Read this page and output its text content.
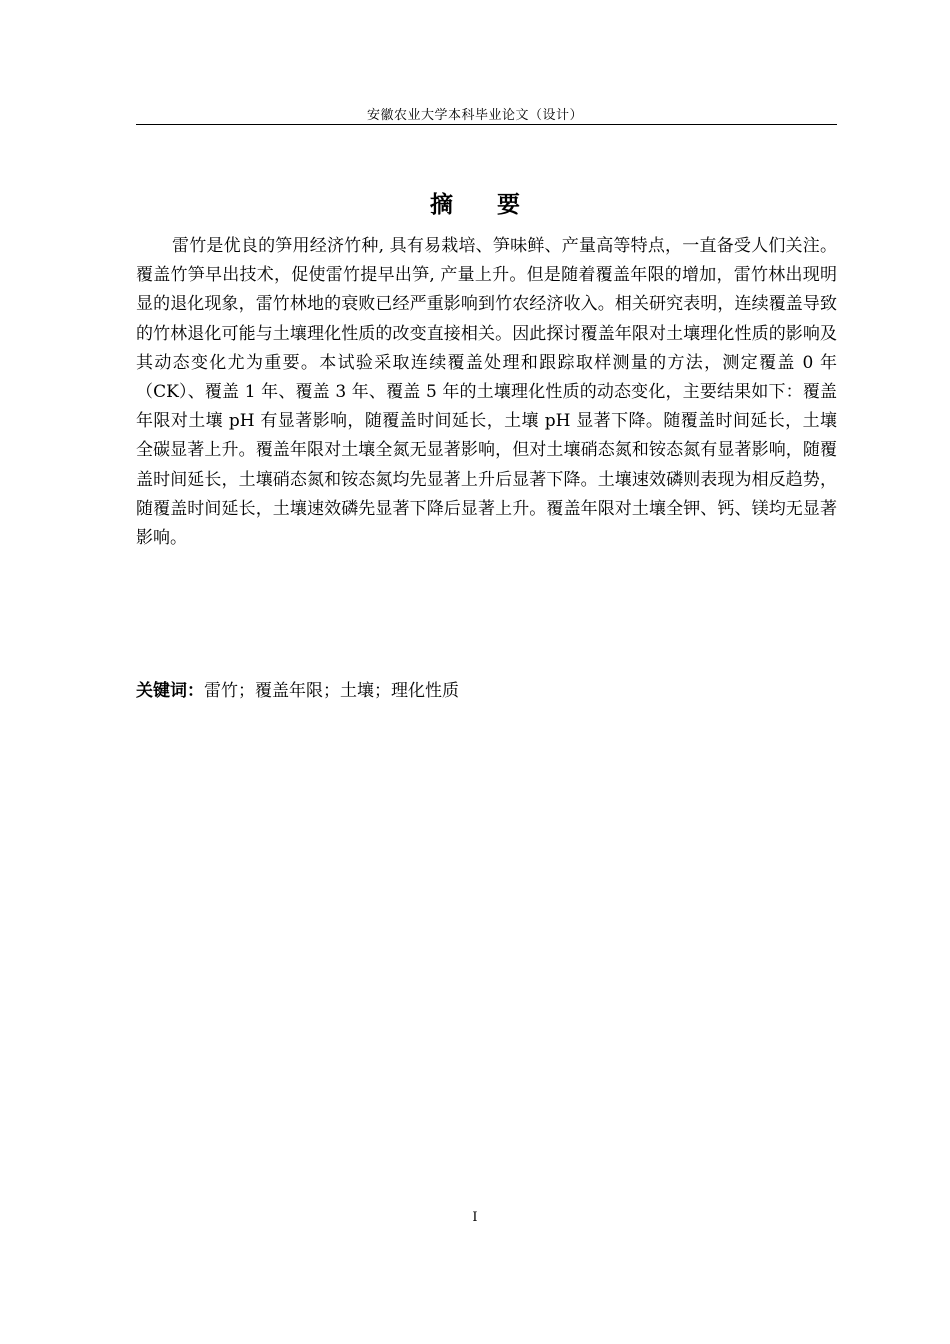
安徽农业大学本科毕业论文（设计）
摘 要

雷竹是优良的笋用经济竹种, 具有易栽培、笋味鲜、产量高等特点，一直备受人们关注。覆盖竹笋早出技术，促使雷竹提早出笋, 产量上升。但是随着覆盖年限的增加，雷竹林出现明显的退化现象，雷竹林地的衰败已经严重影响到竹农经济收入。相关研究表明，连续覆盖导致的竹林退化可能与土壤理化性质的改变直接相关。因此探讨覆盖年限对土壤理化性质的影响及其动态变化尤为重要。本试验采取连续覆盖处理和跟踪取样测量的方法，测定覆盖 0 年（CK）、覆盖 1 年、覆盖 3 年、覆盖 5 年的土壤理化性质的动态变化，主要结果如下：覆盖年限对土壤 pH 有显著影响，随覆盖时间延长，土壤 pH 显著下降。随覆盖时间延长，土壤全碳显著上升。覆盖年限对土壤全氮无显著影响，但对土壤硝态氮和铵态氮有显著影响，随覆盖时间延长，土壤硝态氮和铵态氮均先显著上升后显著下降。土壤速效磷则表现为相反趋势，随覆盖时间延长，土壤速效磷先显著下降后显著上升。覆盖年限对土壤全钾、钙、镁均无显著影响。

关键词：雷竹；覆盖年限；土壤；理化性质
I
